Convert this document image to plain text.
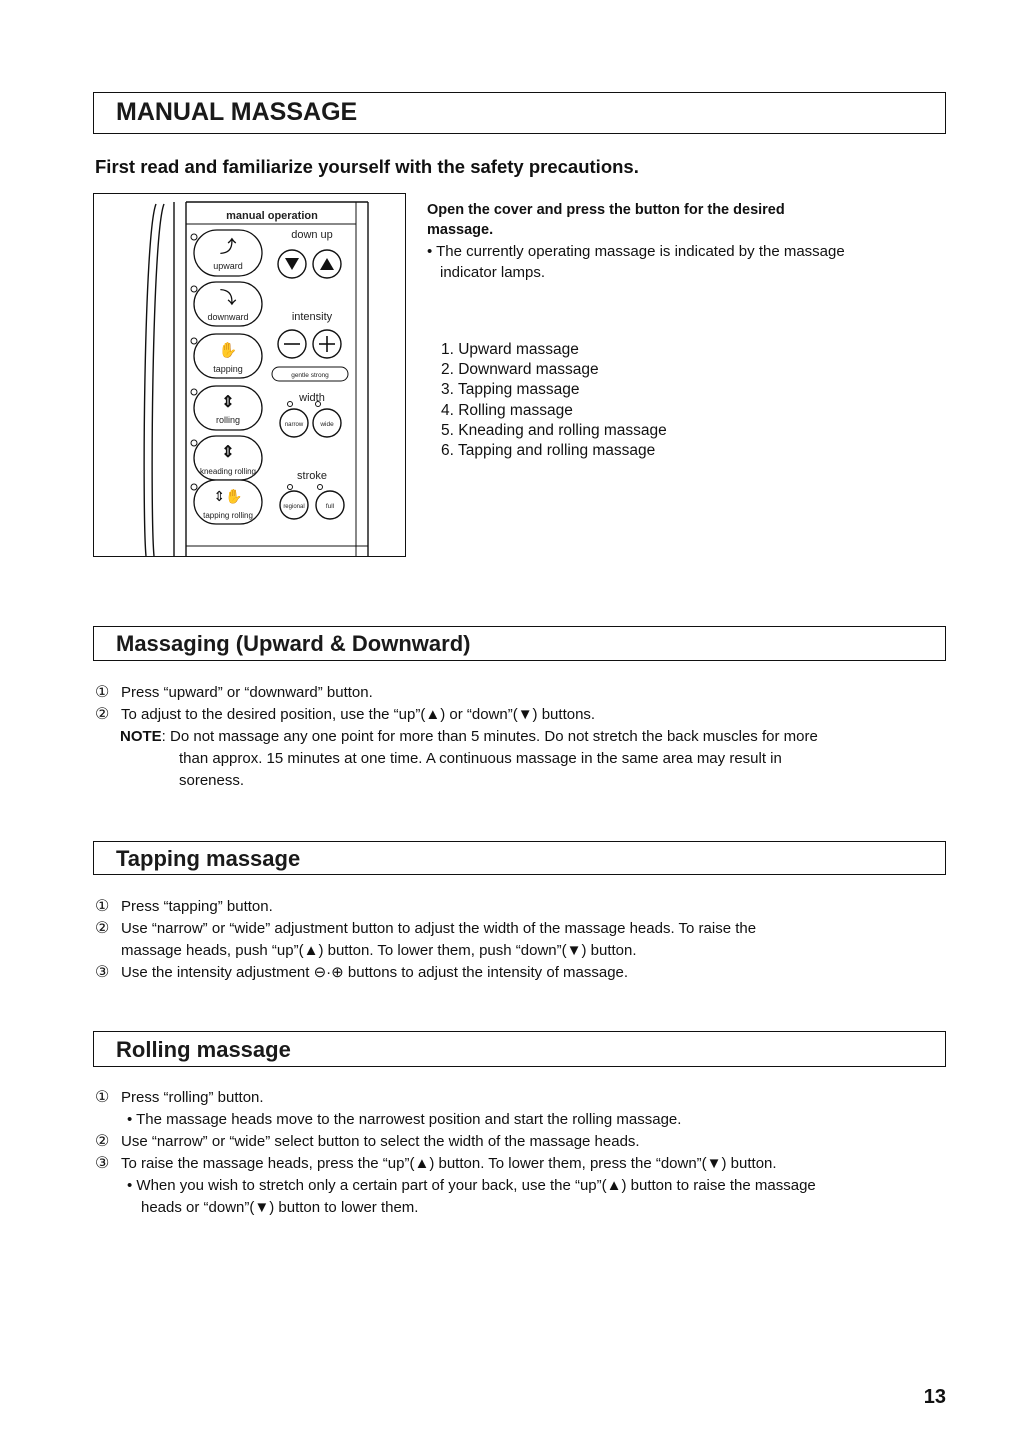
MANUAL MASSAGE
First read and familiarize yourself with the safety precautions.
manual operation
down up
intensity
width
stroke
⤴
upward
⤵
downward
✋
tapping
⇕
rolling
⇕
kneading rolling
⇕✋
tapping rolling
gentle strong
narrow	wide
regional	full
Open the cover and press the button for the desired
massage.
• The currently operating massage is indicated by the massage
indicator lamps.
1. Upward massage
2. Downward massage
3. Tapping massage
4. Rolling massage
5. Kneading and rolling massage
6. Tapping and rolling massage
Massaging (Upward & Downward)
① Press “upward” or “downward” button.
② To adjust to the desired position, use the “up”(▲) or “down”(▼) buttons.
NOTE: Do not massage any one point for more than 5 minutes. Do not stretch the back muscles for more
than approx. 15 minutes at one time. A continuous massage in the same area may result in
soreness.
Tapping massage
① Press “tapping” button.
② Use “narrow” or “wide” adjustment button to adjust the width of the massage heads. To raise the
massage heads, push “up”(▲) button. To lower them, push “down”(▼) button.
③ Use the intensity adjustment ⊖·⊕ buttons to adjust the intensity of massage.
Rolling massage
① Press “rolling” button.
• The massage heads move to the narrowest position and start the rolling massage.
② Use “narrow” or “wide” select button to select the width of the massage heads.
③ To raise the massage heads, press the “up”(▲) button. To lower them, press the “down”(▼) button.
• When you wish to stretch only a certain part of your back, use the “up”(▲) button to raise the massage
heads or “down”(▼) button to lower them.
13
